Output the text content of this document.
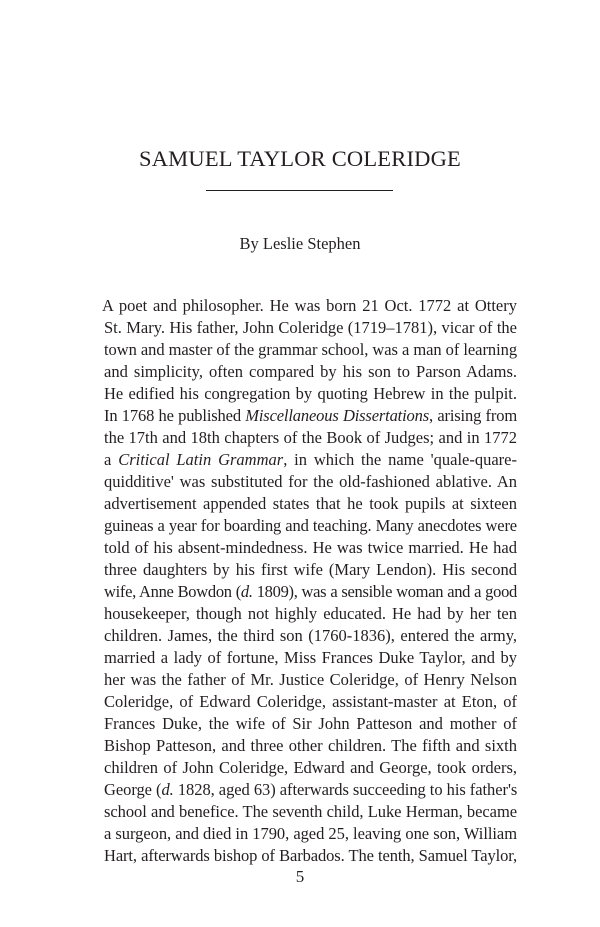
SAMUEL TAYLOR COLERIDGE
By Leslie Stephen
A poet and philosopher. He was born 21 Oct. 1772 at Ottery
St. Mary. His father, John Coleridge (1719–1781), vicar of the
town and master of the grammar school, was a man of learning
and simplicity, often compared by his son to Parson Adams.
He edified his congregation by quoting Hebrew in the pulpit.
In 1768 he published Miscellaneous Dissertations, arising from
the 17th and 18th chapters of the Book of Judges; and in 1772
a Critical Latin Grammar, in which the name 'quale-quare-
quidditive' was substituted for the old-fashioned ablative. An
advertisement appended states that he took pupils at sixteen
guineas a year for boarding and teaching. Many anecdotes were
told of his absent-mindedness. He was twice married. He had
three daughters by his first wife (Mary Lendon). His second
wife, Anne Bowdon (d. 1809), was a sensible woman and a good
housekeeper, though not highly educated. He had by her ten
children. James, the third son (1760-1836), entered the army,
married a lady of fortune, Miss Frances Duke Taylor, and by
her was the father of Mr. Justice Coleridge, of Henry Nelson
Coleridge, of Edward Coleridge, assistant-master at Eton, of
Frances Duke, the wife of Sir John Patteson and mother of
Bishop Patteson, and three other children. The fifth and sixth
children of John Coleridge, Edward and George, took orders,
George (d. 1828, aged 63) afterwards succeeding to his father's
school and benefice. The seventh child, Luke Herman, became
a surgeon, and died in 1790, aged 25, leaving one son, William
Hart, afterwards bishop of Barbados. The tenth, Samuel Taylor,
5
